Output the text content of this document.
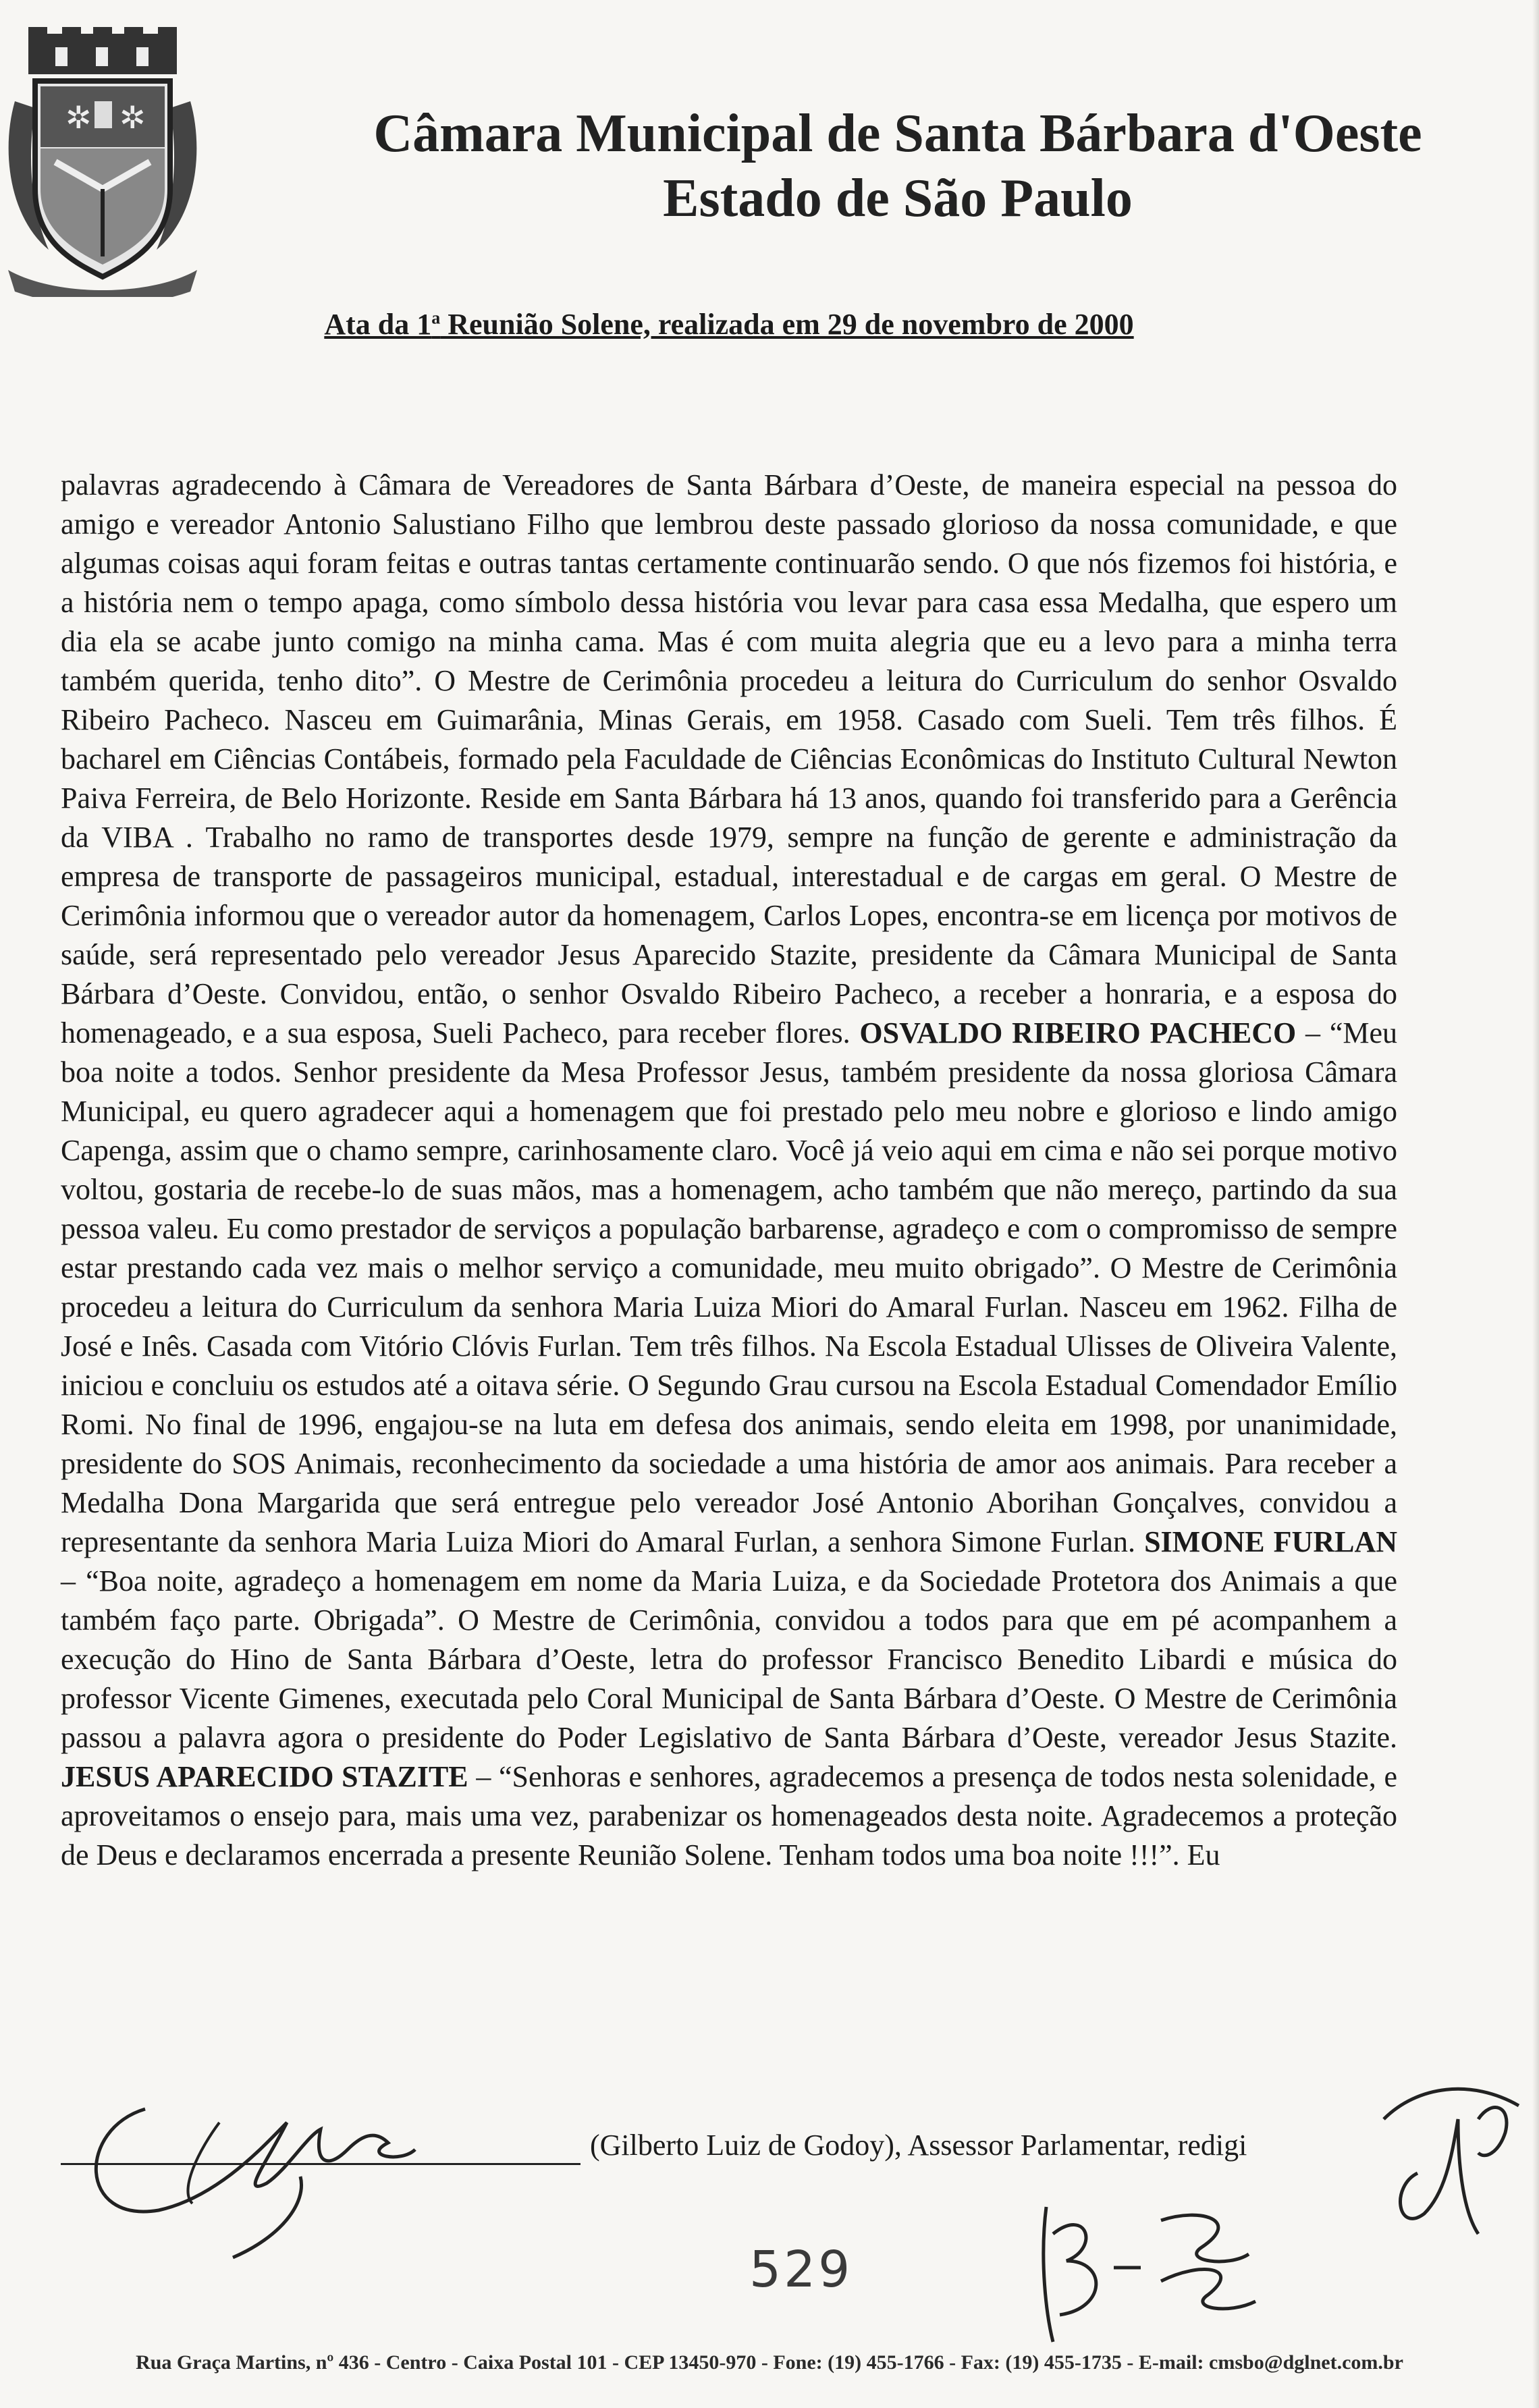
✲ ✲	Câmara Municipal de Santa Bárbara d'Oeste
Estado de São Paulo
Ata da 1$^a$ Reunião Solene, realizada em 29 de novembro de 2000

palavras agradecendo à Câmara de Vereadores de Santa Bárbara d’Oeste, de maneira especial na pessoa do amigo e vereador Antonio Salustiano Filho que lembrou deste passado glorioso da nossa comunidade, e que algumas coisas aqui foram feitas e outras tantas certamente continuarão sendo. O que nós fizemos foi história, e a história nem o tempo apaga, como símbolo dessa história vou levar para casa essa Medalha, que espero um dia ela se acabe junto comigo na minha cama. Mas é com muita alegria que eu a levo para a minha terra também querida, tenho dito”. O Mestre de Cerimônia procedeu a leitura do Curriculum do senhor Osvaldo Ribeiro Pacheco. Nasceu em Guimarânia, Minas Gerais, em 1958. Casado com Sueli. Tem três filhos. É bacharel em Ciências Contábeis, formado pela Faculdade de Ciências Econômicas do Instituto Cultural Newton Paiva Ferreira, de Belo Horizonte. Reside em Santa Bárbara há 13 anos, quando foi transferido para a Gerência da VIBA . Trabalho no ramo de transportes desde 1979, sempre na função de gerente e administração da empresa de transporte de passageiros municipal, estadual, interestadual e de cargas em geral. O Mestre de Cerimônia informou que o vereador autor da homenagem, Carlos Lopes, encontra-se em licença por motivos de saúde, será representado pelo vereador Jesus Aparecido Stazite, presidente da Câmara Municipal de Santa Bárbara d’Oeste. Convidou, então, o senhor Osvaldo Ribeiro Pacheco, a receber a honraria, e a esposa do homenageado, e a sua esposa, Sueli Pacheco, para receber flores. OSVALDO RIBEIRO PACHECO – “Meu boa noite a todos. Senhor presidente da Mesa Professor Jesus, também presidente da nossa gloriosa Câmara Municipal, eu quero agradecer aqui a homenagem que foi prestado pelo meu nobre e glorioso e lindo amigo Capenga, assim que o chamo sempre, carinhosamente claro. Você já veio aqui em cima e não sei porque motivo voltou, gostaria de recebe-lo de suas mãos, mas a homenagem, acho também que não mereço, partindo da sua pessoa valeu. Eu como prestador de serviços a população barbarense, agradeço e com o compromisso de sempre estar prestando cada vez mais o melhor serviço a comunidade, meu muito obrigado”. O Mestre de Cerimônia procedeu a leitura do Curriculum da senhora Maria Luiza Miori do Amaral Furlan. Nasceu em 1962. Filha de José e Inês. Casada com Vitório Clóvis Furlan. Tem três filhos. Na Escola Estadual Ulisses de Oliveira Valente, iniciou e concluiu os estudos até a oitava série. O Segundo Grau cursou na Escola Estadual Comendador Emílio Romi. No final de 1996, engajou-se na luta em defesa dos animais, sendo eleita em 1998, por unanimidade, presidente do SOS Animais, reconhecimento da sociedade a uma história de amor aos animais. Para receber a Medalha Dona Margarida que será entregue pelo vereador José Antonio Aborihan Gonçalves, convidou a representante da senhora Maria Luiza Miori do Amaral Furlan, a senhora Simone Furlan. SIMONE FURLAN – “Boa noite, agradeço a homenagem em nome da Maria Luiza, e da Sociedade Protetora dos Animais a que também faço parte. Obrigada”. O Mestre de Cerimônia, convidou a todos para que em pé acompanhem a execução do Hino de Santa Bárbara d’Oeste, letra do professor Francisco Benedito Libardi e música do professor Vicente Gimenes, executada pelo Coral Municipal de Santa Bárbara d’Oeste. O Mestre de Cerimônia passou a palavra agora o presidente do Poder Legislativo de Santa Bárbara d’Oeste, vereador Jesus Stazite. JESUS APARECIDO STAZITE – “Senhoras e senhores, agradecemos a presença de todos nesta solenidade, e aproveitamos o ensejo para, mais uma vez, parabenizar os homenageados desta noite. Agradecemos a proteção de Deus e declaramos encerrada a presente Reunião Solene. Tenham todos uma boa noite !!!”. Eu

(Gilberto Luiz de Godoy), Assessor Parlamentar, redigi
529
Rua Graça Martins, nº 436 - Centro - Caixa Postal 101 - CEP 13450-970 - Fone: (19) 455-1766 - Fax: (19) 455-1735 - E-mail: cmsbo@dglnet.com.br
